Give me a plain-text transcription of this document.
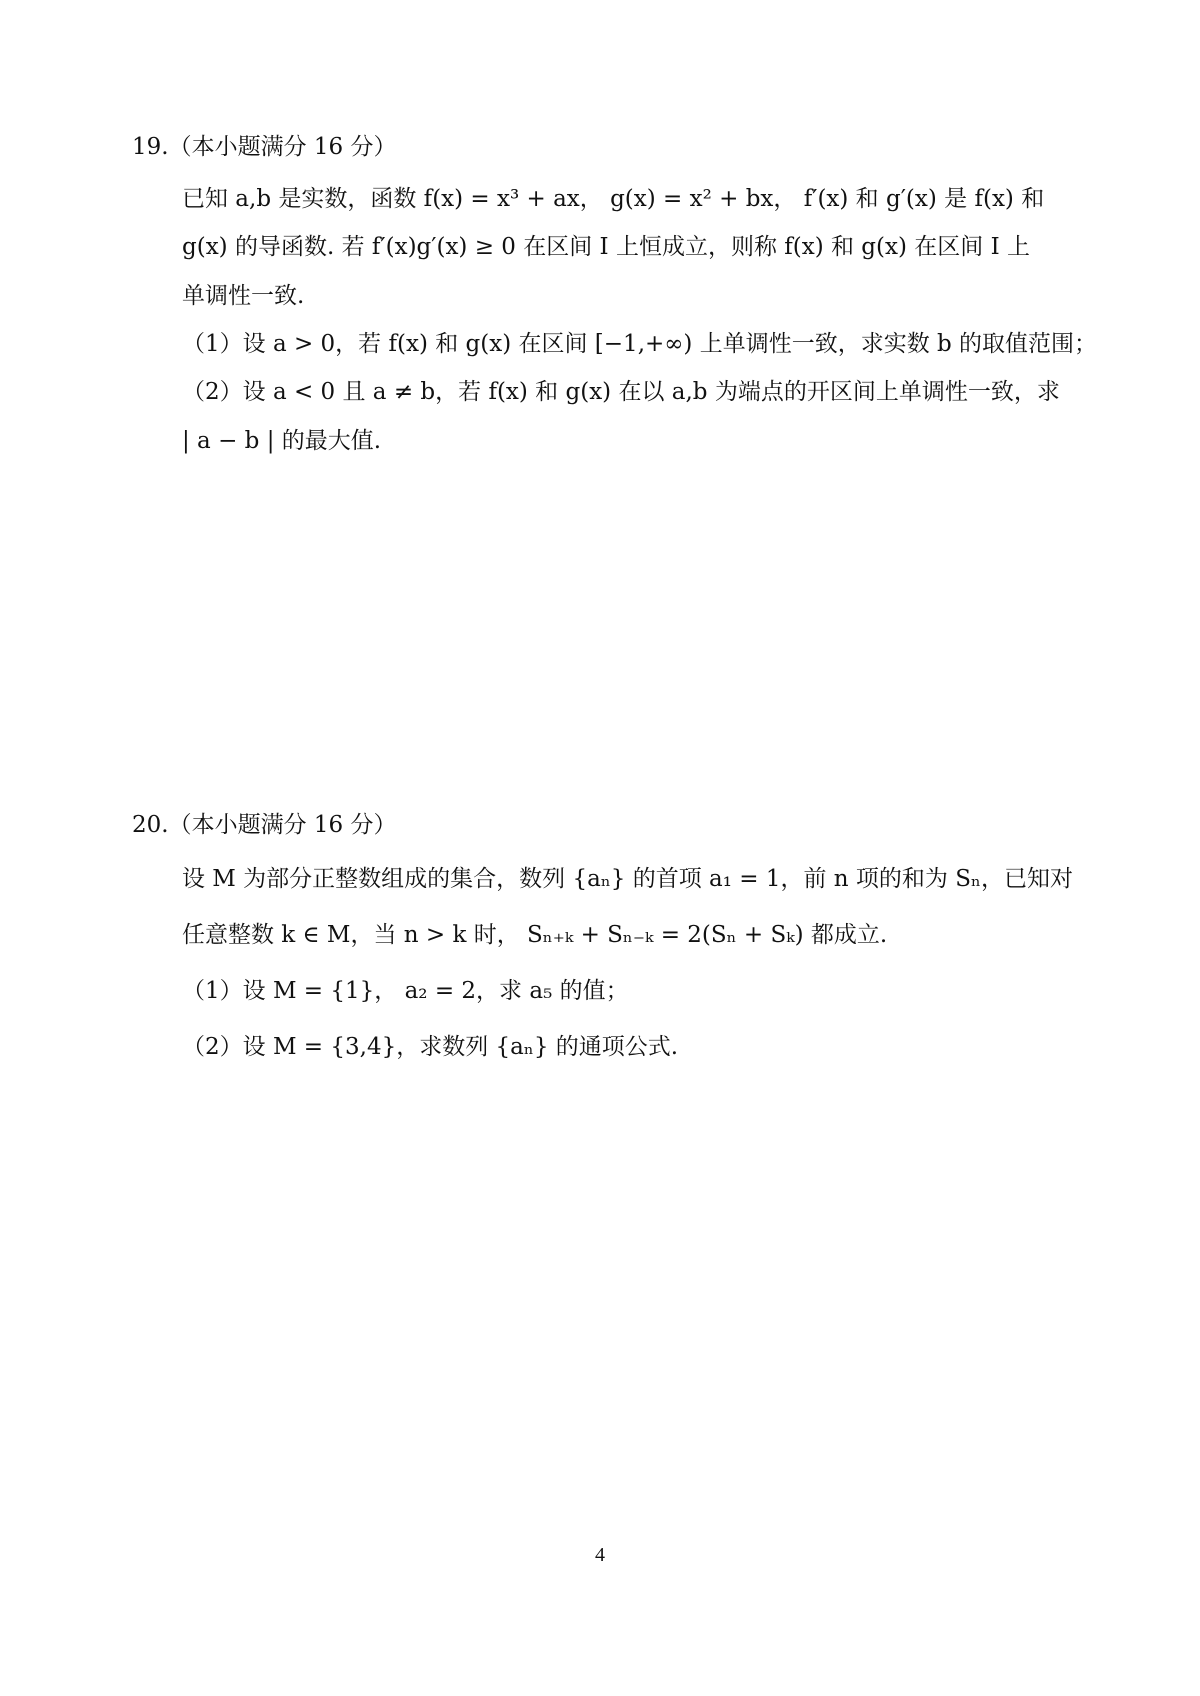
19.（本小题满分 16 分）
已知 a,b 是实数，函数 f(x) = x³ + ax， g(x) = x² + bx， f′(x) 和 g′(x) 是 f(x) 和
g(x) 的导函数. 若 f′(x)g′(x) ≥ 0 在区间 I 上恒成立，则称 f(x) 和 g(x) 在区间 I 上
单调性一致.
（1）设 a > 0，若 f(x) 和 g(x) 在区间 [−1,+∞) 上单调性一致，求实数 b 的取值范围；
（2）设 a < 0 且 a ≠ b，若 f(x) 和 g(x) 在以 a,b 为端点的开区间上单调性一致，求
| a − b | 的最大值.
20.（本小题满分 16 分）
设 M 为部分正整数组成的集合，数列 {aₙ} 的首项 a₁ = 1，前 n 项的和为 Sₙ，已知对
任意整数 k ∈ M，当 n > k 时， Sₙ₊ₖ + Sₙ₋ₖ = 2(Sₙ + Sₖ) 都成立.
（1）设 M = {1}， a₂ = 2，求 a₅ 的值；
（2）设 M = {3,4}，求数列 {aₙ} 的通项公式.
4
